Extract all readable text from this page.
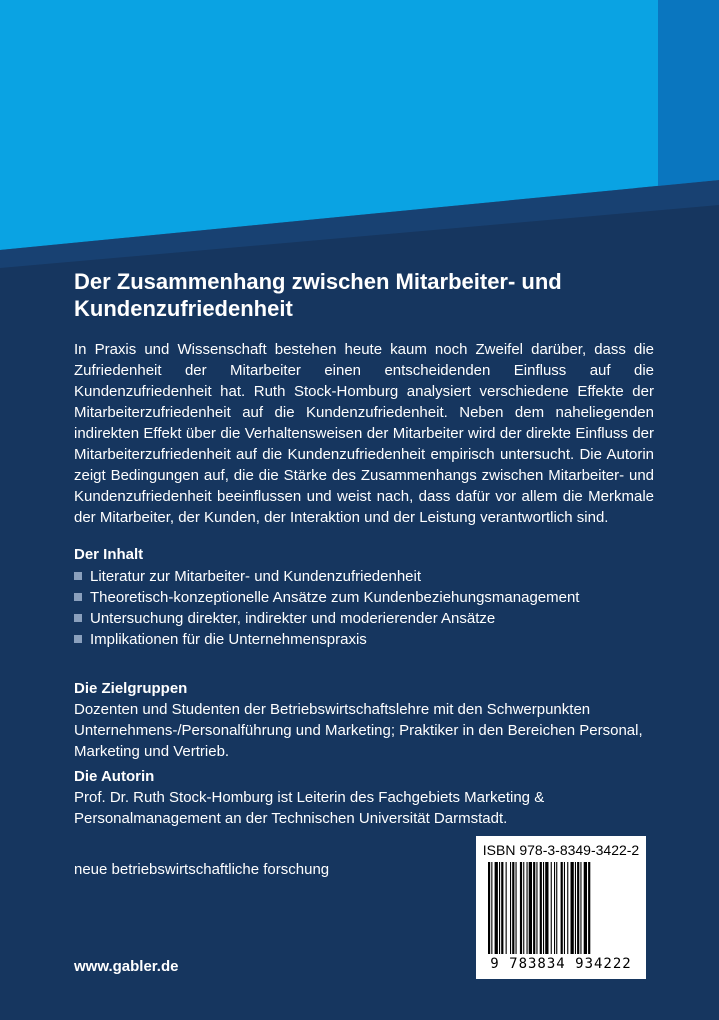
Der Zusammenhang zwischen Mitarbeiter- und Kundenzufriedenheit

In Praxis und Wissenschaft bestehen heute kaum noch Zweifel darüber, dass die Zufriedenheit der Mitarbeiter einen entscheidenden Einfluss auf die Kundenzufriedenheit hat. Ruth Stock-Homburg analysiert verschiedene Effekte der Mitarbeiterzufriedenheit auf die Kundenzufriedenheit. Neben dem naheliegenden indirekten Effekt über die Verhaltensweisen der Mitarbeiter wird der direkte Einfluss der Mitarbeiterzufriedenheit auf die Kundenzufriedenheit empirisch untersucht. Die Autorin zeigt Bedingungen auf, die die Stärke des Zusammenhangs zwischen Mitarbeiter- und Kundenzufriedenheit beeinflussen und weist nach, dass dafür vor allem die Merkmale der Mitarbeiter, der Kunden, der Interaktion und der Leistung verantwortlich sind.

Der Inhalt
Literatur zur Mitarbeiter- und Kundenzufriedenheit
Theoretisch-konzeptionelle Ansätze zum Kundenbeziehungsmanagement
Untersuchung direkter, indirekter und moderierender Ansätze
Implikationen für die Unternehmenspraxis
Die Zielgruppen

Dozenten und Studenten der Betriebswirtschaftslehre mit den Schwerpunkten Unternehmens-/Personalführung und Marketing; Praktiker in den Bereichen Personal, Marketing und Vertrieb.

Die Autorin

Prof. Dr. Ruth Stock-Homburg ist Leiterin des Fachgebiets Marketing & Personalmanagement an der Technischen Universität Darmstadt.

neue betriebswirtschaftliche forschung

www.gabler.de

ISBN 978-3-8349-3422-2

9 783834 934222
